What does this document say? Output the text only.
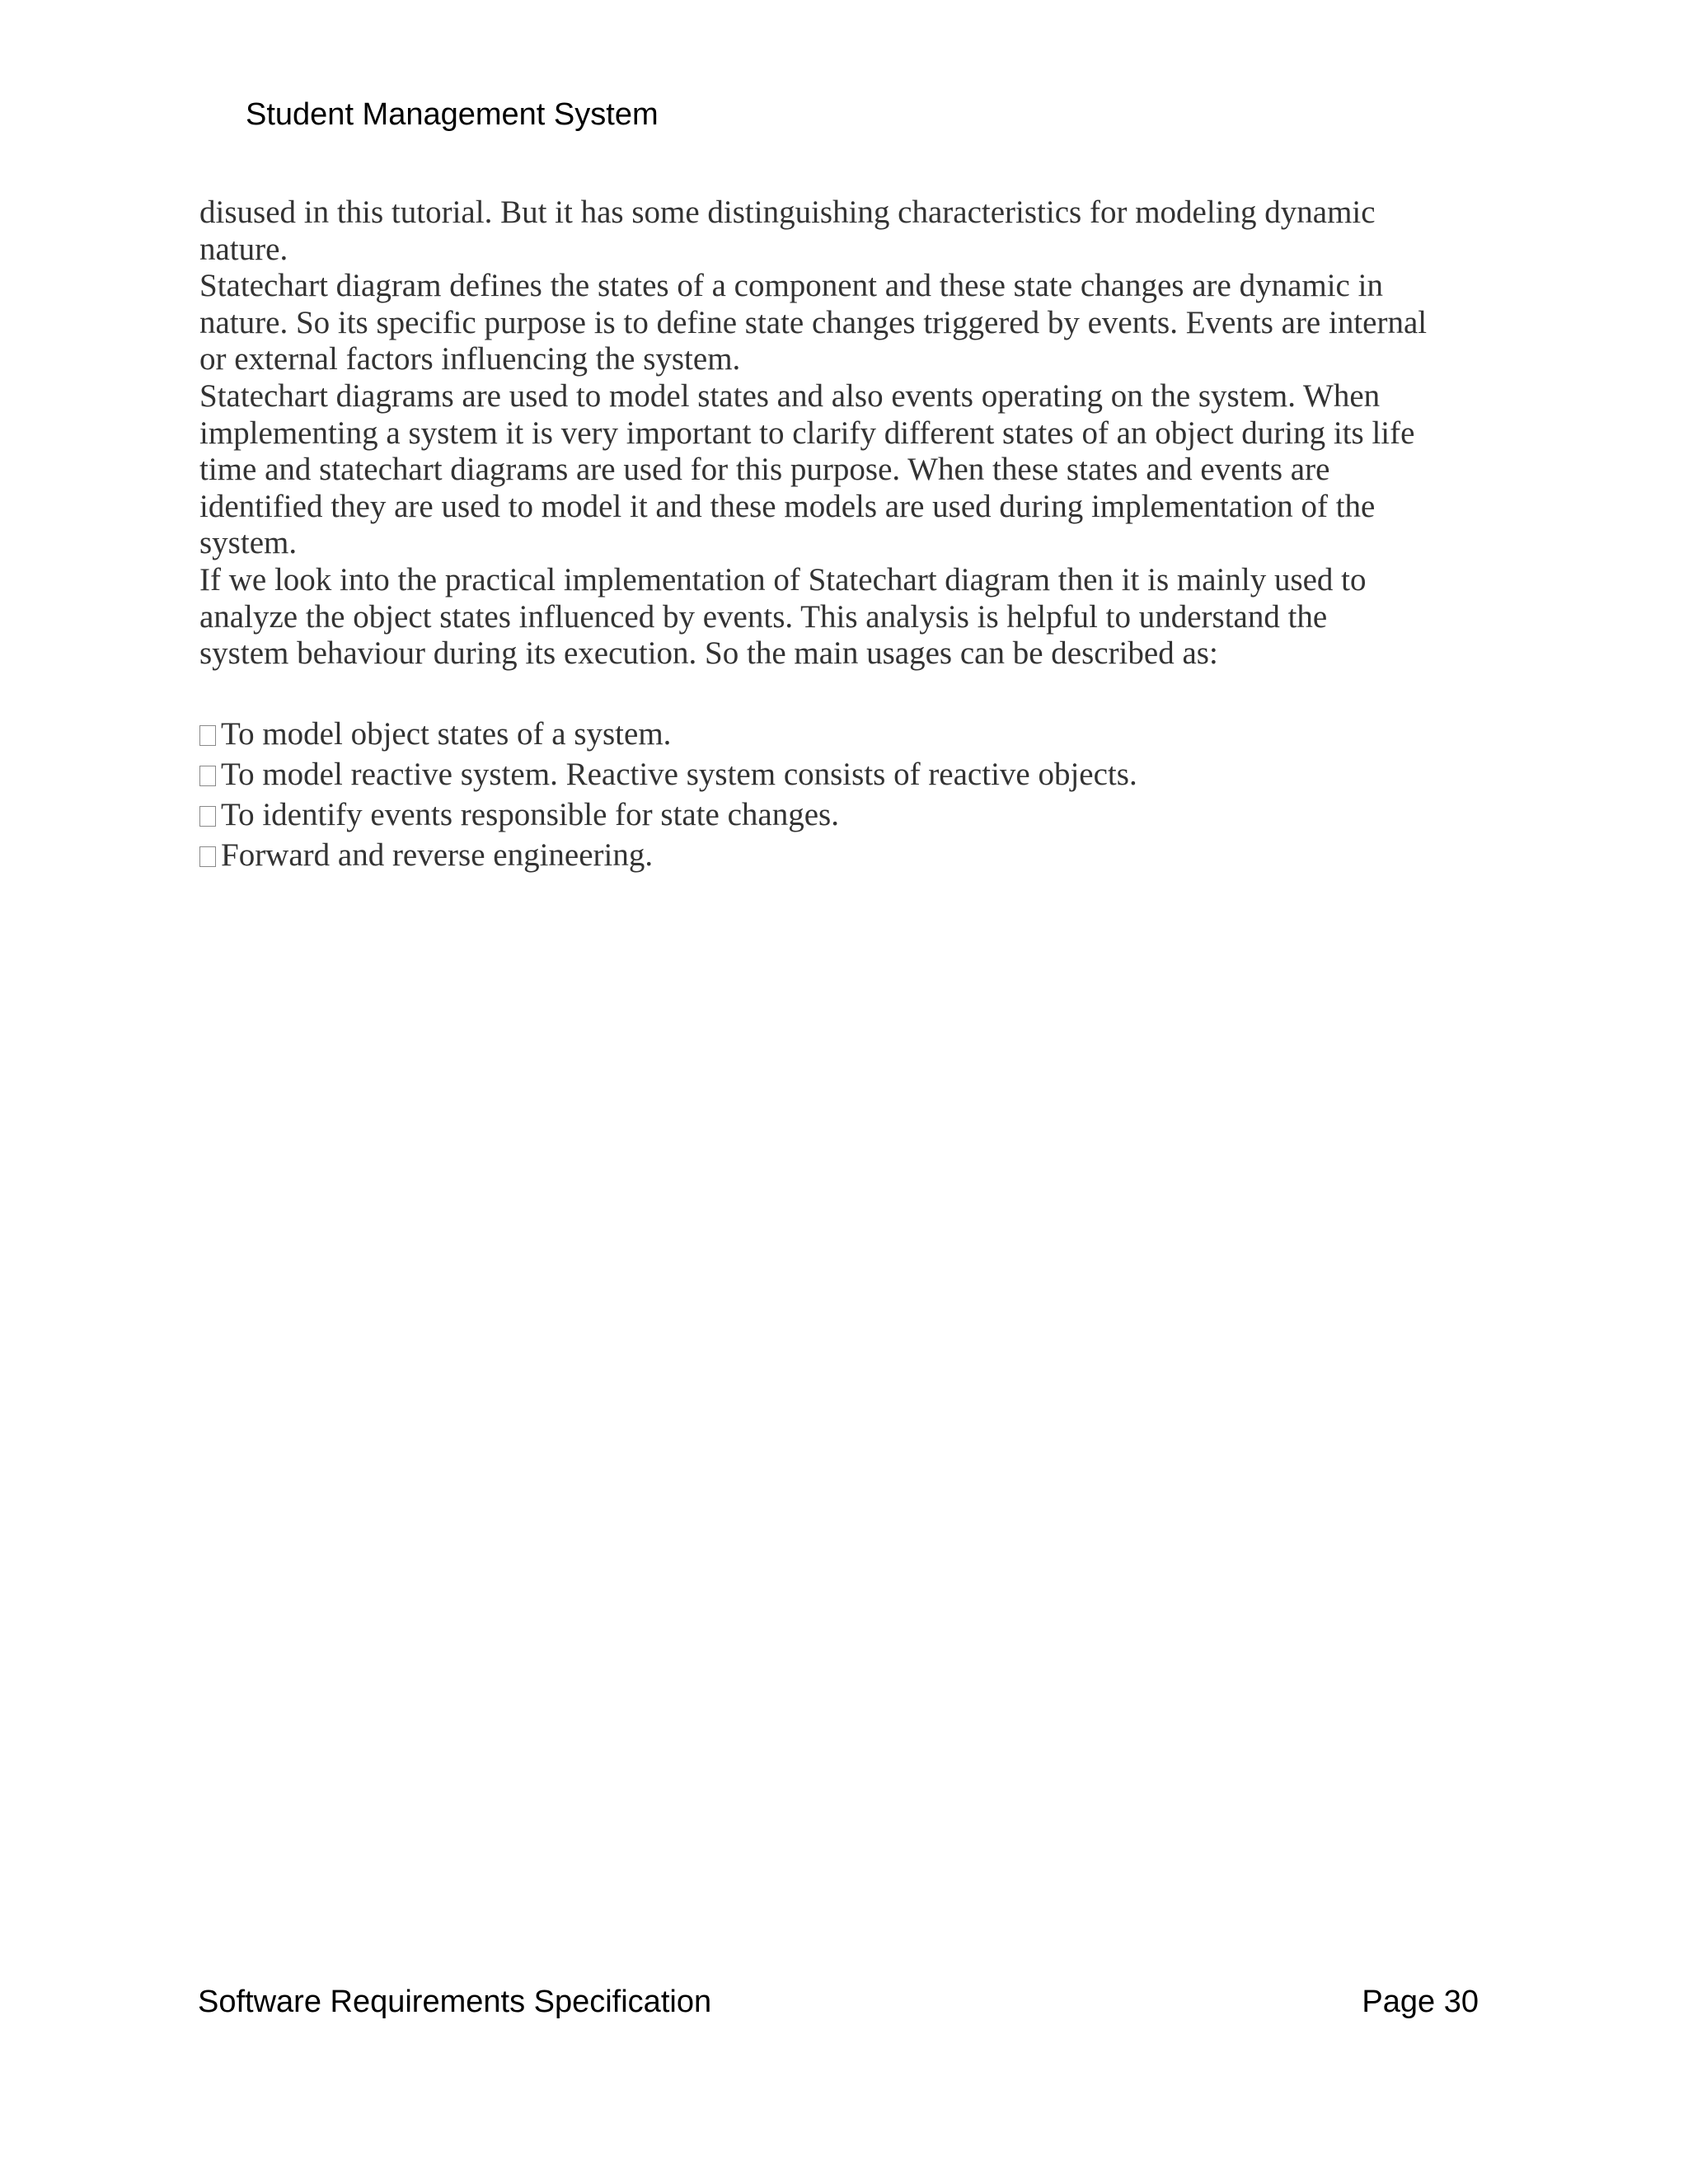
Student Management System

disused in this tutorial. But it has some distinguishing characteristics for modeling dynamic

nature.

Statechart diagram defines the states of a component and these state changes are dynamic in

nature. So its specific purpose is to define state changes triggered by events. Events are internal

or external factors influencing the system.

Statechart diagrams are used to model states and also events operating on the system. When

implementing a system it is very important to clarify different states of an object during its life

time and statechart diagrams are used for this purpose. When these states and events are

identified they are used to model it and these models are used during implementation of the

system.

If we look into the practical implementation of Statechart diagram then it is mainly used to

analyze the object states influenced by events. This analysis is helpful to understand the

system behaviour during its execution. So the main usages can be described as:

To model object states of a system.
To model reactive system. Reactive system consists of reactive objects.
To identify events responsible for state changes.
Forward and reverse engineering.
Software Requirements Specification	Page 30
